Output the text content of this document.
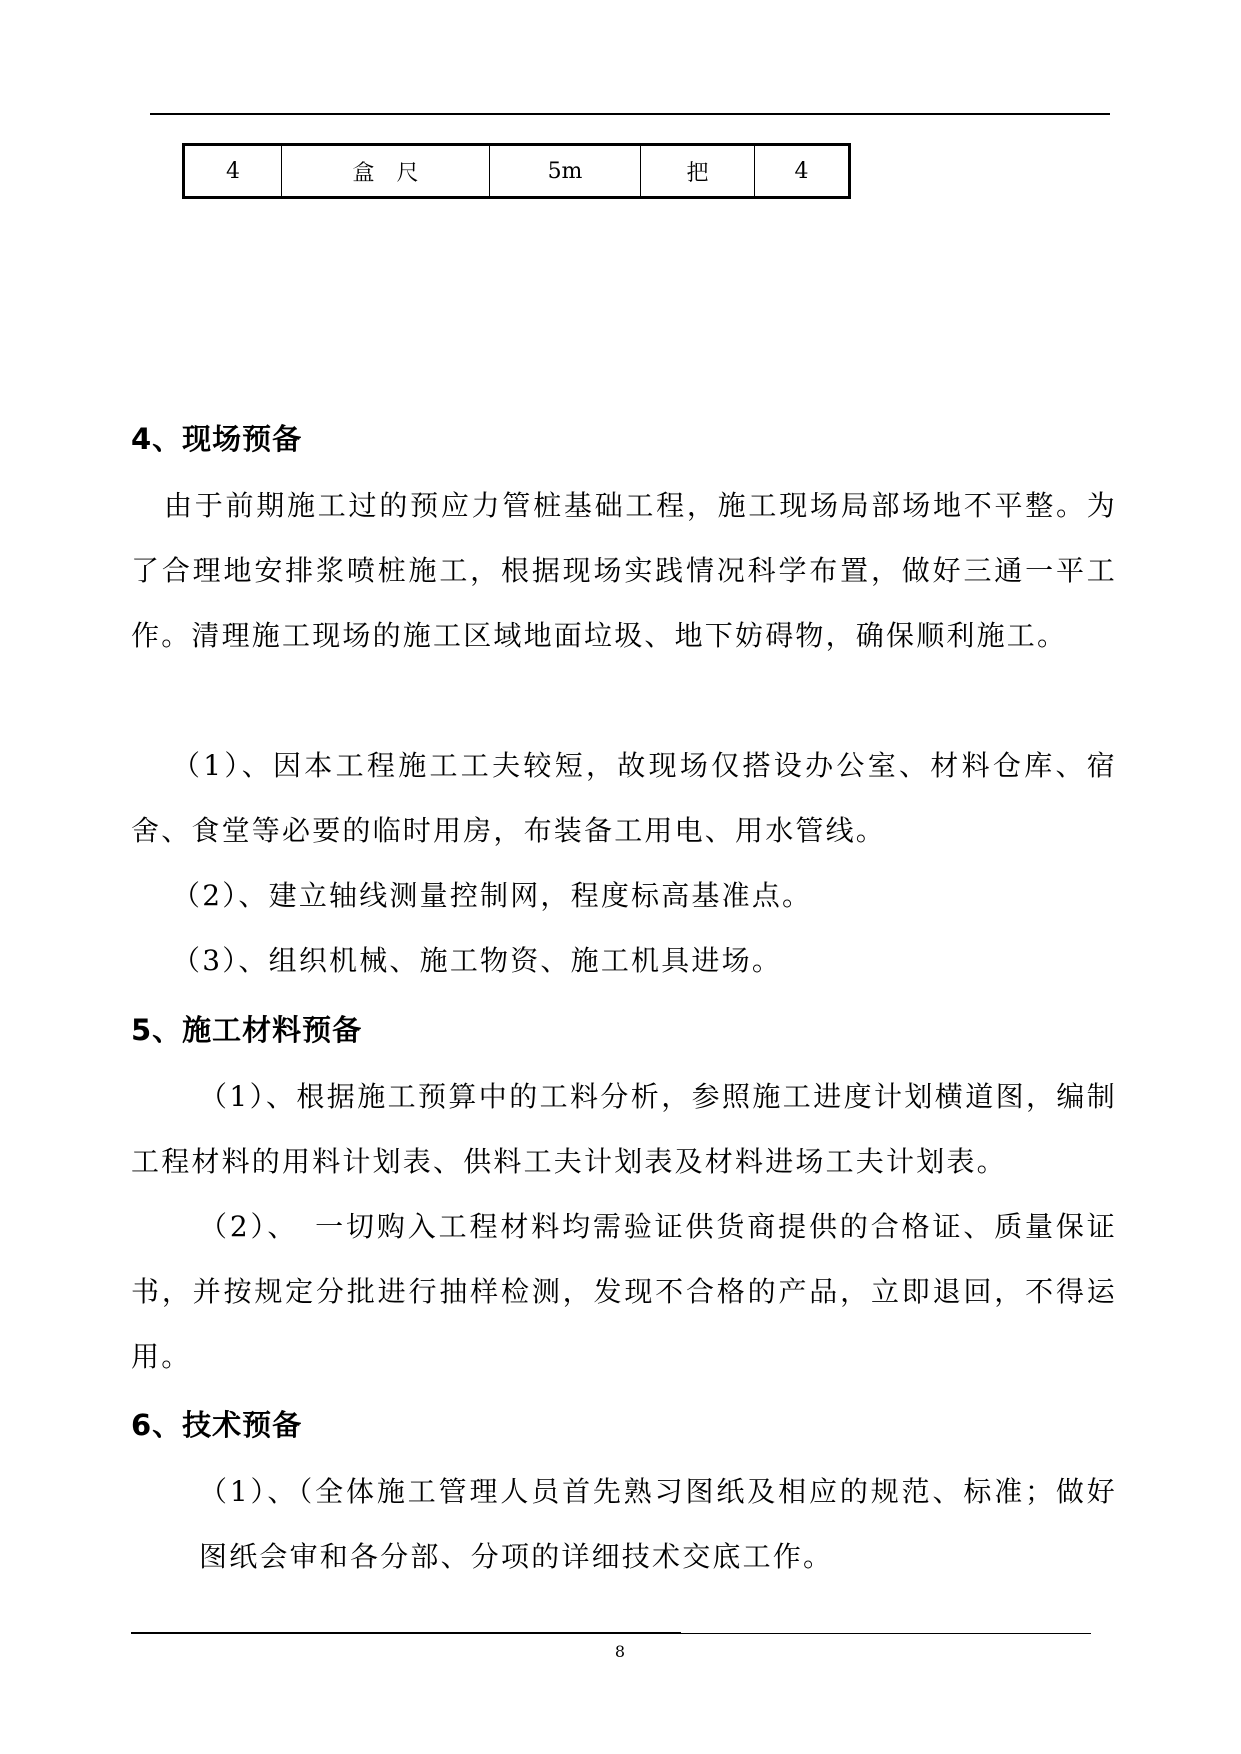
4	盒　尺	5m	把	4
4、现场预备

由于前期施工过的预应力管桩基础工程，施工现场局部场地不平整。为了合理地安排浆喷桩施工，根据现场实践情况科学布置，做好三通一平工作。清理施工现场的施工区域地面垃圾、地下妨碍物，确保顺利施工。

（1）、因本工程施工工夫较短，故现场仅搭设办公室、材料仓库、宿舍、食堂等必要的临时用房，布装备工用电、用水管线。

（2）、建立轴线测量控制网，程度标高基准点。

（3）、组织机械、施工物资、施工机具进场。

5、施工材料预备

（1）、根据施工预算中的工料分析，参照施工进度计划横道图，编制工程材料的用料计划表、供料工夫计划表及材料进场工夫计划表。

（2）、　一切购入工程材料均需验证供货商提供的合格证、质量保证书，并按规定分批进行抽样检测，发现不合格的产品，立即退回，不得运用。

6、技术预备

（1）、（全体施工管理人员首先熟习图纸及相应的规范、标准；做好图纸会审和各分部、分项的详细技术交底工作。

8
